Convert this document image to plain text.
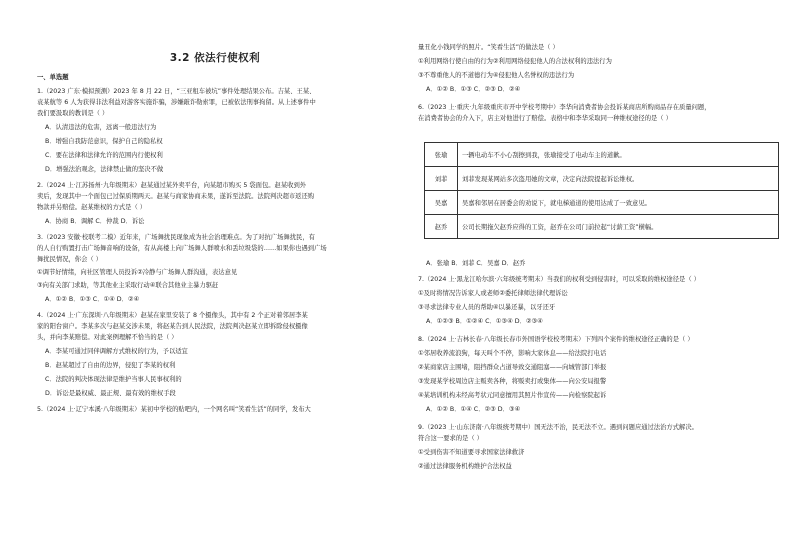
3.2 依法行使权利
一、单选题
1.（2023 广东·模拟预测）2023 年 8 月 22 日，“三亚租车被坑”事件处理结果公布。吉某、王某、
袁某航等 6 人为获得非法利益对游客实施诈骗，涉嫌敲诈勒索罪，已被依法刑事拘留。从上述事件中
我们要汲取的教训是（ ）
A．认清违法的危害，远离一般违法行为
B．增强自我防范意识，保护自己的隐私权
C．要在法律和法律允许的范围内行使权利
D．增强法治观念，法律禁止做的坚决不做
2.（2024 上·江苏扬州·九年级期末）赵某通过某外卖平台，向某超市购买 5 袋面包。赵某收到外
卖后，发现其中一个面包已过保质期两天。赵某与商家协商未果，遂诉至法院。法院判决超市返还购
物款并另赔偿。赵某维权的方式是（ ）
A．协商 B．调解 C．仲裁 D．诉讼
3.（2023 安徽·校联考二模）近年来，广场舞扰民现象成为社会治理难点。为了对抗广场舞扰民，有
的人自行购置打击广场舞音响的设备，有从高楼上向广场舞人群喷水和丢垃圾袋的……如果你也遇到广场
舞扰民情况，你会（ ）
①调节好情绪，向社区管理人员投诉②冷静与广场舞人群沟通，表达意见
③向有关部门求助，等其他业主采取行动④联合其他业主暴力驱赶
A．①② B．①③ C．①④ D．②④
4.（2024 上·广东深圳·八年级期末）赵某在家里安装了 8 个摄像头，其中有 2 个正对着邻居李某
家的阳台窗户。李某多次与赵某交涉未果，将赵某告到人民法院，法院判决赵某立即拆除侵权摄像
头，并向李某赔偿。对此案例理解不恰当的是（ ）
A．李某可通过同伴调解方式维权的行为，予以适宜
B．赵某超过了自由的边界，侵犯了李某的权利
C．法院的判决体现法律是维护当事人民事权利的
D．诉讼是最权威、最正规、最有效的维权手段
5.（2024 上·辽宁本溪·八年级期末）某初中学校的贴吧内，一个网名叫“笑看生活”的同学，发布大
张瑜	一辆电动车不小心刮擦到我，张瑜接受了电动车主的道歉。
刘菲	刘菲发现某网站多次盗用她的文章，决定向法院提起诉讼维权。
吴嘉	吴嘉和邻居在居委会的劝说下，就电梯通道的使用达成了一致意见。
赵乔	公司长期拖欠赵乔应得的工资，赵乔在公司门前拉起“讨薪工资”横幅。
量丑化小钱同学的照片。“笑看生活”的做法是（ ）
①利用网络行使自由的行为②利用网络侵犯他人的合法权利的违法行为
③不尊重他人的不道德行为④侵犯他人名誉权的违法行为
A．①② B．①③ C．②③ D．②④
6.（2023 上·重庆·九年级重庆市开中学校考期中）李华向消费者协会投诉某商店所购商品存在质量问题，
在消费者协会的介入下，店主对他进行了赔偿。表格中和李华采取同一种维权途径的是（ ）
A．张瑜 B．刘菲 C．吴嘉 D．赵乔
7.（2024 上·黑龙江哈尔滨·六年级统考期末）当我们的权利受到侵害时，可以采取的维权途径是（ ）
①及时将情况告诉家人或老师②委托律师法律代理诉讼
③寻求法律专业人员的帮助④以暴还暴，以牙还牙
A．①②③ B．①②④ C．①③④ D．②③④
8.（2024 上·吉林长春·八年级长春市外国语学校校考期末）下列四个案件的维权途径正确的是（ ）
①邻居收养流浪狗，每天叫个不停，影响大家休息——给法院打电话
②某商家店主围堵，阻挡群众占道导致交通阻塞——向城管部门举报
③发现某学校周边店主贩卖各种，将贩卖打或集体——向公安局报警
④某培训机构未经高考状元同意擅用其照片作宣传——向检察院起诉
A．①② B．①④ C．②③ D．③④
9.（2023 上·山东济南·八年级统考期中）国无法不治，民无法不立。遇到问题应通过法治方式解决。
符合这一要求的是（ ）
①受到伤害不知道要寻求国家法律救济
②通过法律服务机构维护合法权益
